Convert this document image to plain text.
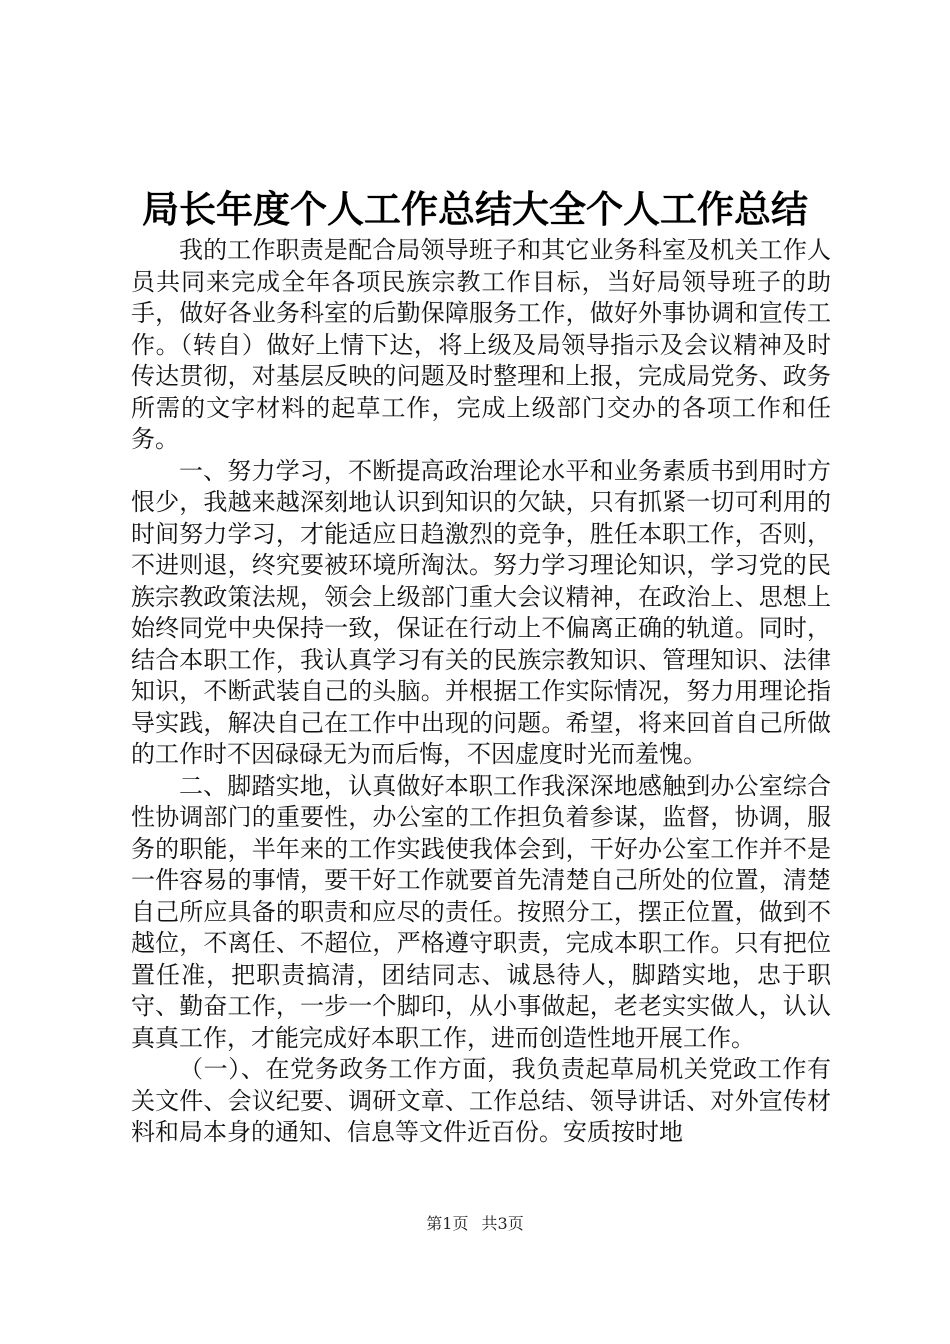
局长年度个人工作总结大全个人工作总结

我的工作职责是配合局领导班子和其它业务科室及机关工作人员共同来完成全年各项民族宗教工作目标，当好局领导班子的助手，做好各业务科室的后勤保障服务工作，做好外事协调和宣传工作。（转自）做好上情下达，将上级及局领导指示及会议精神及时传达贯彻，对基层反映的问题及时整理和上报，完成局党务、政务所需的文字材料的起草工作，完成上级部门交办的各项工作和任务。

一、努力学习，不断提高政治理论水平和业务素质书到用时方恨少，我越来越深刻地认识到知识的欠缺，只有抓紧一切可利用的时间努力学习，才能适应日趋激烈的竞争，胜任本职工作，否则，不进则退，终究要被环境所淘汰。努力学习理论知识，学习党的民族宗教政策法规，领会上级部门重大会议精神，在政治上、思想上始终同党中央保持一致，保证在行动上不偏离正确的轨道。同时，结合本职工作，我认真学习有关的民族宗教知识、管理知识、法律知识，不断武装自己的头脑。并根据工作实际情况，努力用理论指导实践，解决自己在工作中出现的问题。希望，将来回首自己所做的工作时不因碌碌无为而后悔，不因虚度时光而羞愧。

二、脚踏实地，认真做好本职工作我深深地感触到办公室综合性协调部门的重要性，办公室的工作担负着参谋，监督，协调，服务的职能，半年来的工作实践使我体会到，干好办公室工作并不是一件容易的事情，要干好工作就要首先清楚自己所处的位置，清楚自己所应具备的职责和应尽的责任。按照分工，摆正位置，做到不越位，不离任、不超位，严格遵守职责，完成本职工作。只有把位置任准，把职责搞清，团结同志、诚恳待人，脚踏实地，忠于职守、勤奋工作，一步一个脚印，从小事做起，老老实实做人，认认真真工作，才能完成好本职工作，进而创造性地开展工作。

（一）、在党务政务工作方面，我负责起草局机关党政工作有关文件、会议纪要、调研文章、工作总结、领导讲话、对外宣传材料和局本身的通知、信息等文件近百份。安质按时地

第1页 共3页
